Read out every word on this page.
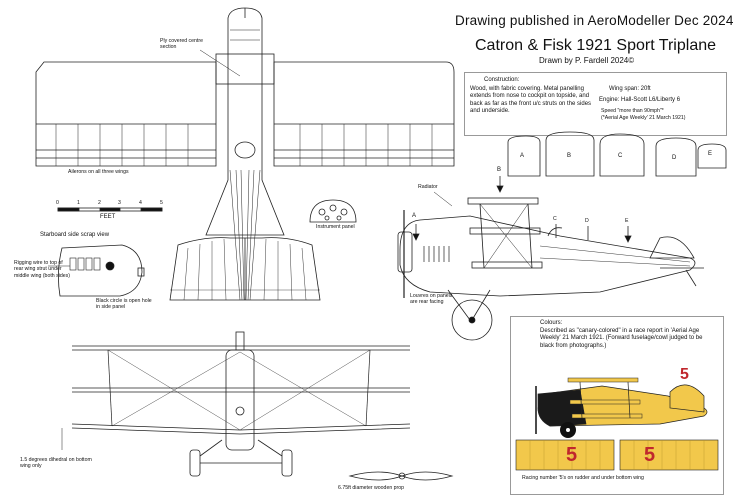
Drawing published in AeroModeller Dec 2024
Catron & Fisk 1921 Sport Triplane
Drawn by P. Fardell 2024©
Construction:
Wood, with fabric covering. Metal panelling extends from nose to cockpit on topside, and back as far as the front u/c struts on the sides and underside.
Wing span: 20ft
Engine: Hall-Scott L6/Liberty 6
Speed "more than 90mph"*
(*Aerial Age Weekly' 21 March 1921)
Colours:
Described as "canary-colored" in a race report in 'Aerial Age Weekly' 21 March 1921. (Forward fuselage/cowl judged to be black from photographs.)
5
5	5
Racing number '5's on rudder and under bottom wing
Ply covered centre section
Ailerons on all three wings
0	1	2	3	4	5
FEET
Starboard side scrap view
Rigging wire to top of rear wing strut under middle wing (both sides)
Black circle is open hole in side panel
Instrument panel
Radiator
Louvres on panels are rear facing
1.5 degrees dihedral on bottom wing only
6.75ft diameter wooden prop
A	B	C	D
E
A
B
C	D	E
